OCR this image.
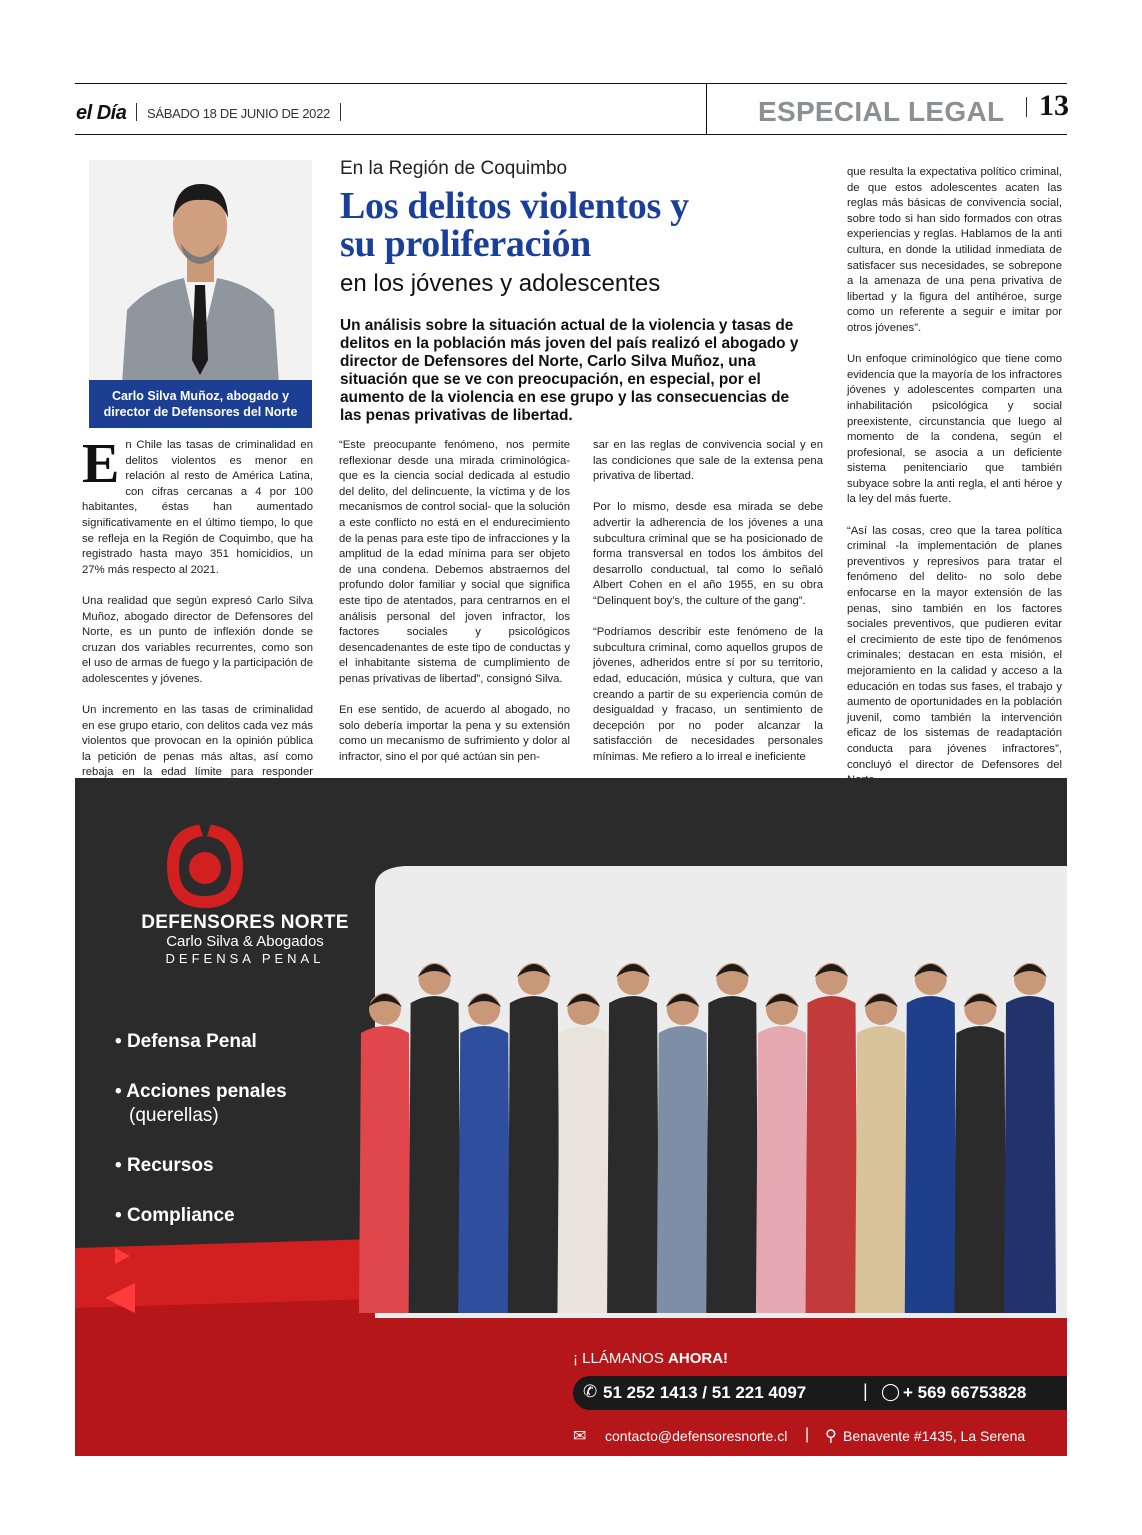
el Día SÁBADO 18 DE JUNIO DE 2022	ESPECIAL LEGAL 13
Carlo Silva Muñoz, abogado y
director de Defensores del Norte
En la Región de Coquimbo
Los delitos violentos y
su proliferación
en los jóvenes y adolescentes
Un análisis sobre la situación actual de la violencia y tasas de delitos en la población más joven del país realizó el abogado y director de Defensores del Norte, Carlo Silva Muñoz, una situación que se ve con preocupación, en especial, por el aumento de la violencia en ese grupo y las consecuencias de las penas privativas de libertad.

En Chile las tasas de criminalidad en delitos violentos es menor en relación al resto de América Latina, con cifras cercanas a 4 por 100 habitantes, éstas han aumentado significativamente en el último tiempo, lo que se refleja en la Región de Coquimbo, que ha registrado hasta mayo 351 homicidios, un 27% más respecto al 2021.

Una realidad que según expresó Carlo Silva Muñoz, abogado director de Defensores del Norte, es un punto de inflexión donde se cruzan dos variables recurrentes, como son el uso de armas de fuego y la participación de adolescentes y jóvenes.

Un incremento en las tasas de criminalidad en ese grupo etario, con delitos cada vez más violentos que provocan en la opinión pública la petición de penas más altas, así como rebaja en la edad límite para responder

“Este preocupante fenómeno, nos permite reflexionar desde una mirada criminológica- que es la ciencia social dedicada al estudio del delito, del delincuente, la víctima y de los mecanismos de control social- que la solución a este conflicto no está en el endurecimiento de la penas para este tipo de infracciones y la amplitud de la edad mínima para ser objeto de una condena. Debemos abstraernos del profundo dolor familiar y social que significa este tipo de atentados, para centrarnos en el análisis personal del joven infractor, los factores sociales y psicológicos desencadenantes de este tipo de conductas y el inhabitante sistema de cumplimiento de penas privativas de libertad”, consignó Silva.

En ese sentido, de acuerdo al abogado, no solo debería importar la pena y su extensión como un mecanismo de sufrimiento y dolor al infractor, sino el por qué actúan sin pen-

sar en las reglas de convivencia social y en las condiciones que sale de la extensa pena privativa de libertad.

Por lo mismo, desde esa mirada se debe advertir la adherencia de los jóvenes a una subcultura criminal que se ha posicionado de forma transversal en todos los ámbitos del desarrollo conductual, tal como lo señaló Albert Cohen en el año 1955, en su obra “Delinquent boy’s, the culture of the gang”.

“Podríamos describir este fenómeno de la subcultura criminal, como aquellos grupos de jóvenes, adheridos entre sí por su territorio, edad, educación, música y cultura, que van creando a partir de su experiencia común de desigualdad y fracaso, un sentimiento de decepción por no poder alcanzar la satisfacción de necesidades personales mínimas. Me refiero a lo irreal e ineficiente

que resulta la expectativa político criminal, de que estos adolescentes acaten las reglas más básicas de convivencia social, sobre todo si han sido formados con otras experiencias y reglas. Hablamos de la anti cultura, en donde la utilidad inmediata de satisfacer sus necesidades, se sobrepone a la amenaza de una pena privativa de libertad y la figura del antihéroe, surge como un referente a seguir e imitar por otros jóvenes”.

Un enfoque criminológico que tiene como evidencia que la mayoría de los infractores jóvenes y adolescentes comparten una inhabilitación psicológica y social preexistente, circunstancia que luego al momento de la condena, según el profesional, se asocia a un deficiente sistema penitenciario que también subyace sobre la anti regla, el anti héroe y la ley del más fuerte.

“Así las cosas, creo que la tarea política criminal -la implementación de planes preventivos y represivos para tratar el fenómeno del delito- no solo debe enfocarse en la mayor extensión de las penas, sino también en los factores sociales preventivos, que pudieren evitar el crecimiento de este tipo de fenómenos criminales; destacan en esta misión, el mejoramiento en la calidad y acceso a la educación en todas sus fases, el trabajo y aumento de oportunidades en la población juvenil, como también la intervención eficaz de los sistemas de readaptación conducta para jóvenes infractores”, concluyó el director de Defensores del

DEFENSORES NORTE
Carlo Silva & Abogados
DEFENSA PENAL
• Defensa Penal
• Acciones penales
(querellas)
• Recursos
• Compliance
¡ LLÁMANOS AHORA!
✆ 51 252 1413 / 51 221 4097	| ◯ + 569 66753828
✉ contacto@defensoresnorte.cl | ⚲ Benavente #1435, La Serena
